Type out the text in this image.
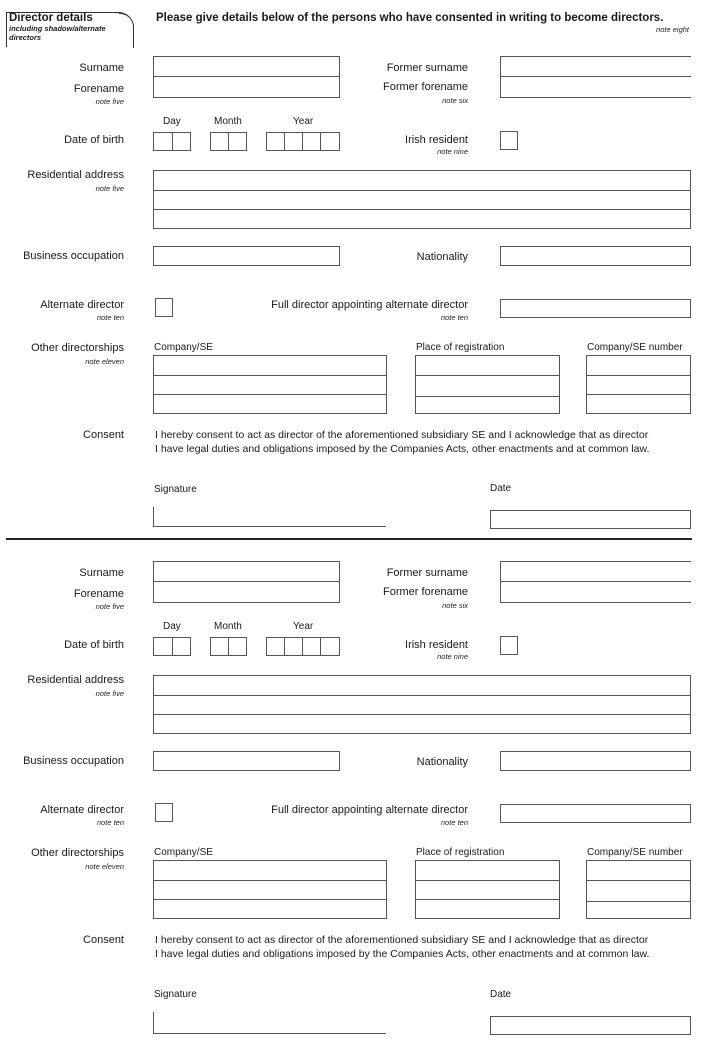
Director details
including shadow/alternate
directors
Please give details below of the persons who have consented in writing to become directors.
note eight
Surname
Forename
note five
Former surname
Former forename
note six
Day	Month	Year
Date of birth	Irish resident
note nine
Residential address
note five
Business occupation	Nationality
Alternate director
note ten
Full director appointing alternate director
note ten
Other directorships
note eleven
Company/SE	Place of registration	Company/SE number
Consent	I hereby consent to act as director of the aforementioned subsidiary SE and I acknowledge that as director
I have legal duties and obligations imposed by the Companies Acts, other enactments and at common law.
Signature	Date
Surname
Forename
note five
Former surname
Former forename
note six
Day	Month	Year
Date of birth	Irish resident
note nine
Residential address
note five
Business occupation	Nationality
Alternate director
note ten
Full director appointing alternate director
note ten
Other directorships
note eleven
Company/SE	Place of registration	Company/SE number
Consent	I hereby consent to act as director of the aforementioned subsidiary SE and I acknowledge that as director
I have legal duties and obligations imposed by the Companies Acts, other enactments and at common law.
Signature	Date
